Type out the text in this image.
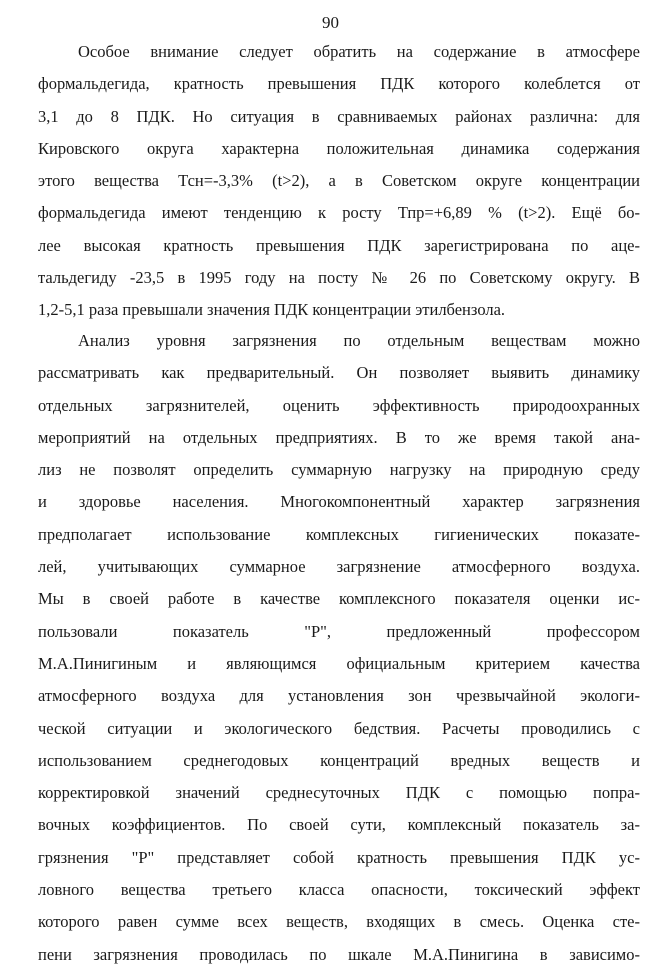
90
Особое внимание следует обратить на содержание в атмосфере
формальдегида, кратность превышения ПДК которого колеблется от
3,1 до 8 ПДК. Но ситуация в сравниваемых районах различна: для
Кировского округа характерна положительная динамика содержания
этого вещества Тсн=-3,3% (t>2), а в Советском округе концентрации
формальдегида имеют тенденцию к росту Тпр=+6,89 % (t>2). Ещё бо-
лее высокая кратность превышения ПДК зарегистрирована по аце-
тальдегиду -23,5 в 1995 году на посту № 26 по Советскому округу. В
1,2-5,1 раза превышали значения ПДК концентрации этилбензола.
Анализ уровня загрязнения по отдельным веществам можно
рассматривать как предварительный. Он позволяет выявить динамику
отдельных загрязнителей, оценить эффективность природоохранных
мероприятий на отдельных предприятиях. В то же время такой ана-
лиз не позволят определить суммарную нагрузку на природную среду
и здоровье населения. Многокомпонентный характер загрязнения
предполагает использование комплексных гигиенических показате-
лей, учитывающих суммарное загрязнение атмосферного воздуха.
Мы в своей работе в качестве комплексного показателя оценки ис-
пользовали показатель "Р", предложенный профессором
М.А.Пинигиным и являющимся официальным критерием качества
атмосферного воздуха для установления зон чрезвычайной экологи-
ческой ситуации и экологического бедствия. Расчеты проводились с
использованием среднегодовых концентраций вредных веществ и
корректировкой значений среднесуточных ПДК с помощью попра-
вочных коэффициентов. По своей сути, комплексный показатель за-
грязнения "Р" представляет собой кратность превышения ПДК ус-
ловного вещества третьего класса опасности, токсический эффект
которого равен сумме всех веществ, входящих в смесь. Оценка сте-
пени загрязнения проводилась по шкале М.А.Пинигина в зависимо-
